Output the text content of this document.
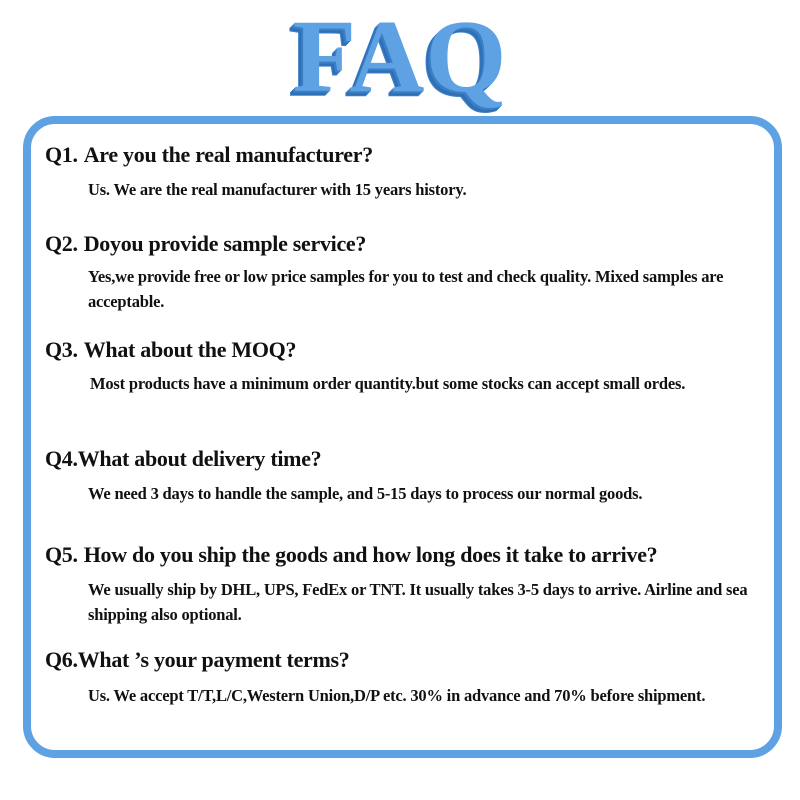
FAQ
Q1. Are you the real manufacturer?
Us. We are the real manufacturer with 15 years history.
Q2. Doyou provide sample service?
Yes,we provide free or low price samples for you to test and check quality. Mixed samples are acceptable.
Q3. What about the MOQ?
Most products have a minimum order quantity.but some stocks can accept small ordes.
Q4.What about delivery time?
We need 3 days to handle the sample, and 5-15 days to process our normal goods.
Q5. How do you ship the goods and how long does it take to arrive?
We usually ship by DHL, UPS, FedEx or TNT. It usually takes 3-5 days to arrive. Airline and sea shipping also optional.
Q6.What ’s your payment terms?
Us. We accept T/T,L/C,Western Union,D/P etc. 30% in advance and 70% before shipment.
